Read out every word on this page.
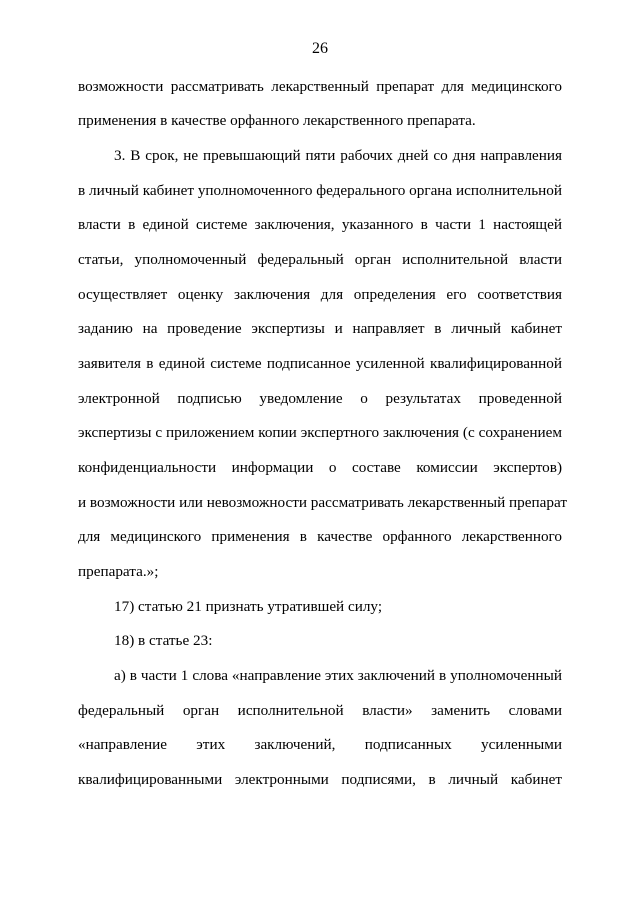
26
возможности рассматривать лекарственный препарат для медицинского
применения в качестве орфанного лекарственного препарата.
3. В срок, не превышающий пяти рабочих дней со дня направления
в личный кабинет уполномоченного федерального органа исполнительной
власти в единой системе заключения, указанного в части 1 настоящей
статьи, уполномоченный федеральный орган исполнительной власти
осуществляет оценку заключения для определения его соответствия
заданию на проведение экспертизы и направляет в личный кабинет
заявителя в единой системе подписанное усиленной квалифицированной
электронной подписью уведомление о результатах проведенной
экспертизы с приложением копии экспертного заключения (с сохранением
конфиденциальности информации о составе комиссии экспертов)
и возможности или невозможности рассматривать лекарственный препарат
для медицинского применения в качестве орфанного лекарственного
препарата.»;
17) статью 21 признать утратившей силу;
18) в статье 23:
а) в части 1 слова «направление этих заключений в уполномоченный
федеральный орган исполнительной власти» заменить словами
«направление этих заключений, подписанных усиленными
квалифицированными электронными подписями, в личный кабинет
